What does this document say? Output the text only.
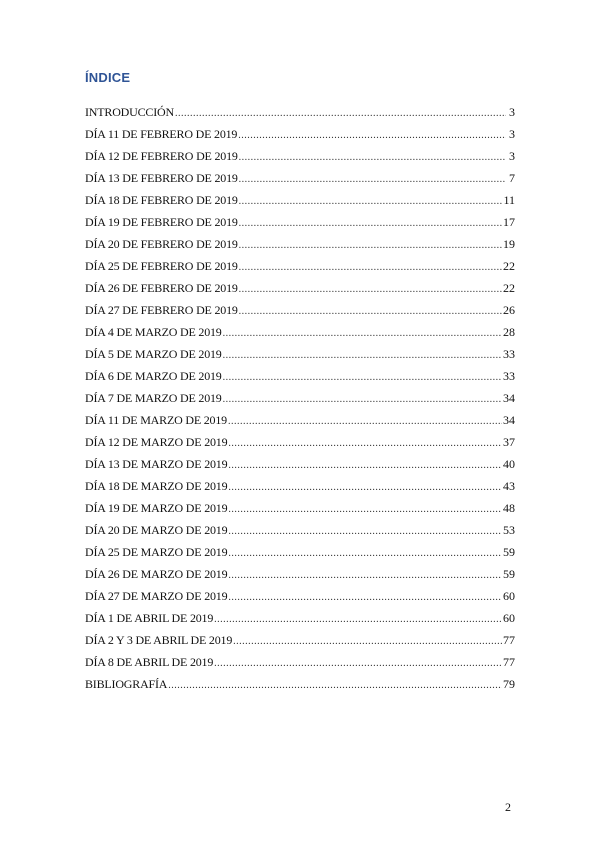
ÍNDICE
INTRODUCCIÓN .....	3
DÍA 11 DE FEBRERO DE 2019 .....	3
DÍA 12 DE FEBRERO DE 2019 .....	3
DÍA 13 DE FEBRERO DE 2019 .....	7
DÍA 18 DE FEBRERO DE 2019 .....	11
DÍA 19 DE FEBRERO DE 2019 .....	17
DÍA 20 DE FEBRERO DE 2019 .....	19
DÍA 25 DE FEBRERO DE 2019 .....	22
DÍA 26 DE FEBRERO DE 2019 .....	22
DÍA 27 DE FEBRERO DE 2019 .....	26
DÍA 4 DE MARZO DE 2019 .....	28
DÍA 5 DE MARZO DE 2019 .....	33
DÍA 6 DE MARZO DE 2019 .....	33
DÍA 7 DE MARZO DE 2019 .....	34
DÍA 11 DE MARZO DE 2019 .....	34
DÍA 12 DE MARZO DE 2019 .....	37
DÍA 13 DE MARZO DE 2019 .....	40
DÍA 18 DE MARZO DE 2019 .....	43
DÍA 19 DE MARZO DE 2019 .....	48
DÍA 20 DE MARZO DE 2019 .....	53
DÍA 25 DE MARZO DE 2019 .....	59
DÍA 26 DE MARZO DE 2019 .....	59
DÍA 27 DE MARZO DE 2019 .....	60
DÍA 1 DE ABRIL DE 2019 .....	60
DÍA 2 Y 3 DE ABRIL DE 2019 .....	77
DÍA 8 DE ABRIL DE 2019 .....	77
BIBLIOGRAFÍA .....	79
2
